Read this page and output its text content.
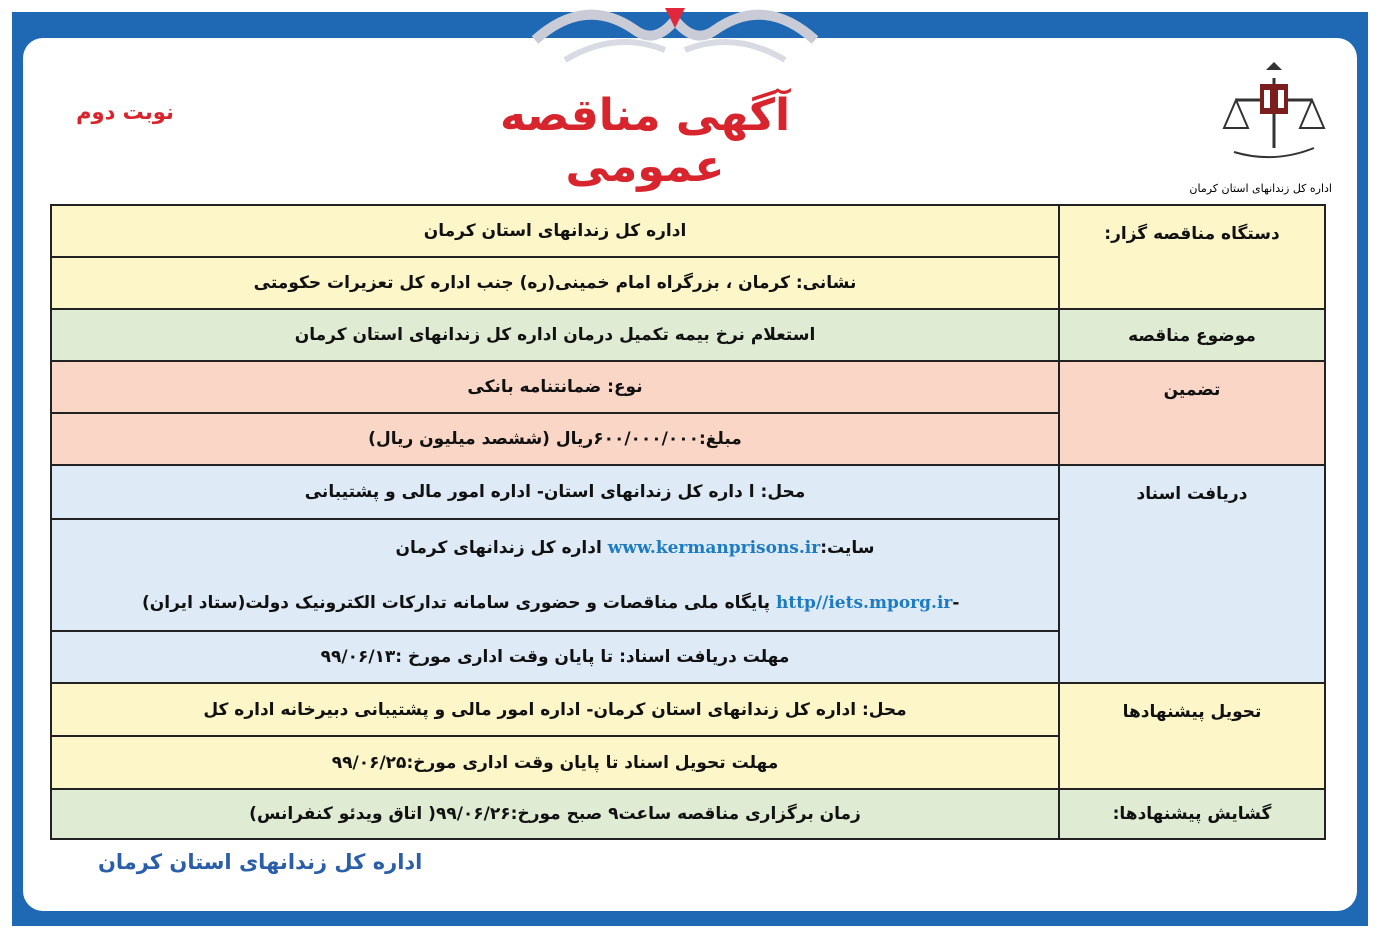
آگهی مناقصه عمومی
نوبت دوم
اداره کل زندانهای استان کرمان
دستگاه مناقصه گزار:
اداره کل زندانهای استان کرمان
نشانی: کرمان ، بزرگراه امام خمینی(ره) جنب اداره کل تعزیرات حکومتی
موضوع مناقصه
استعلام نرخ بیمه تکمیل درمان اداره کل زندانهای استان کرمان
تضمین
نوع: ضمانتنامه بانکی
مبلغ:۶۰۰/۰۰۰/۰۰۰ریال (ششصد میلیون ریال)
دریافت اسناد
محل: ا داره کل زندانهای استان- اداره امور مالی و پشتیبانی
سایت:www.kermanprisons.ir اداره کل زندانهای کرمان
-http//iets.mporg.ir پایگاه ملی مناقصات و حضوری سامانه تدارکات الکترونیک دولت(ستاد ایران)
مهلت دریافت اسناد: تا پایان وقت اداری مورخ :۹۹/۰۶/۱۳
تحویل پیشنهادها
محل: اداره کل زندانهای استان کرمان- اداره امور مالی و پشتیبانی دبیرخانه اداره کل
مهلت تحویل اسناد تا پایان وقت اداری مورخ:۹۹/۰۶/۲۵
گشایش پیشنهادها:
زمان برگزاری مناقصه ساعت۹ صبح مورخ:۹۹/۰۶/۲۶( اتاق ویدئو کنفرانس)
اداره کل زندانهای استان کرمان
